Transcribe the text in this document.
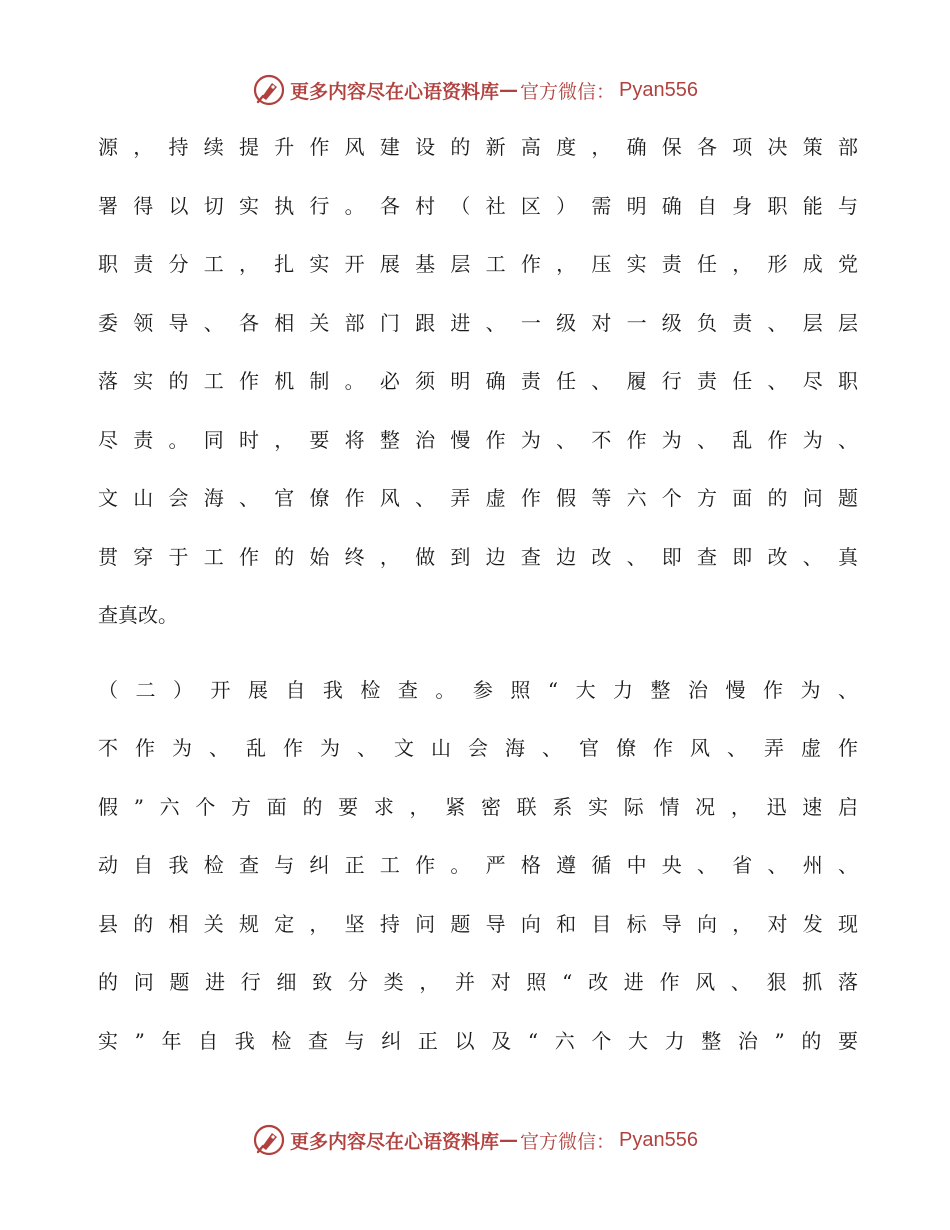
更多内容尽在心语资料库 — 官方微信： Pyan556
源，持续提升作风建设的新高度，确保各项决策部
署得以切实执行。各村（社区）需明确自身职能与
职责分工，扎实开展基层工作，压实责任，形成党
委领导、各相关部门跟进、一级对一级负责、层层
落实的工作机制。必须明确责任、履行责任、尽职
尽责。同时，要将整治慢作为、不作为、乱作为、
文山会海、官僚作风、弄虚作假等六个方面的问题
贯穿于工作的始终，做到边查边改、即查即改、真
查真改。
（二）开展自我检查。参照“大力整治慢作为、
不作为、乱作为、文山会海、官僚作风、弄虚作
假”六个方面的要求，紧密联系实际情况，迅速启
动自我检查与纠正工作。严格遵循中央、省、州、
县的相关规定，坚持问题导向和目标导向，对发现
的问题进行细致分类，并对照“改进作风、狠抓落
实”年自我检查与纠正以及“六个大力整治”的要
更多内容尽在心语资料库 — 官方微信： Pyan556
